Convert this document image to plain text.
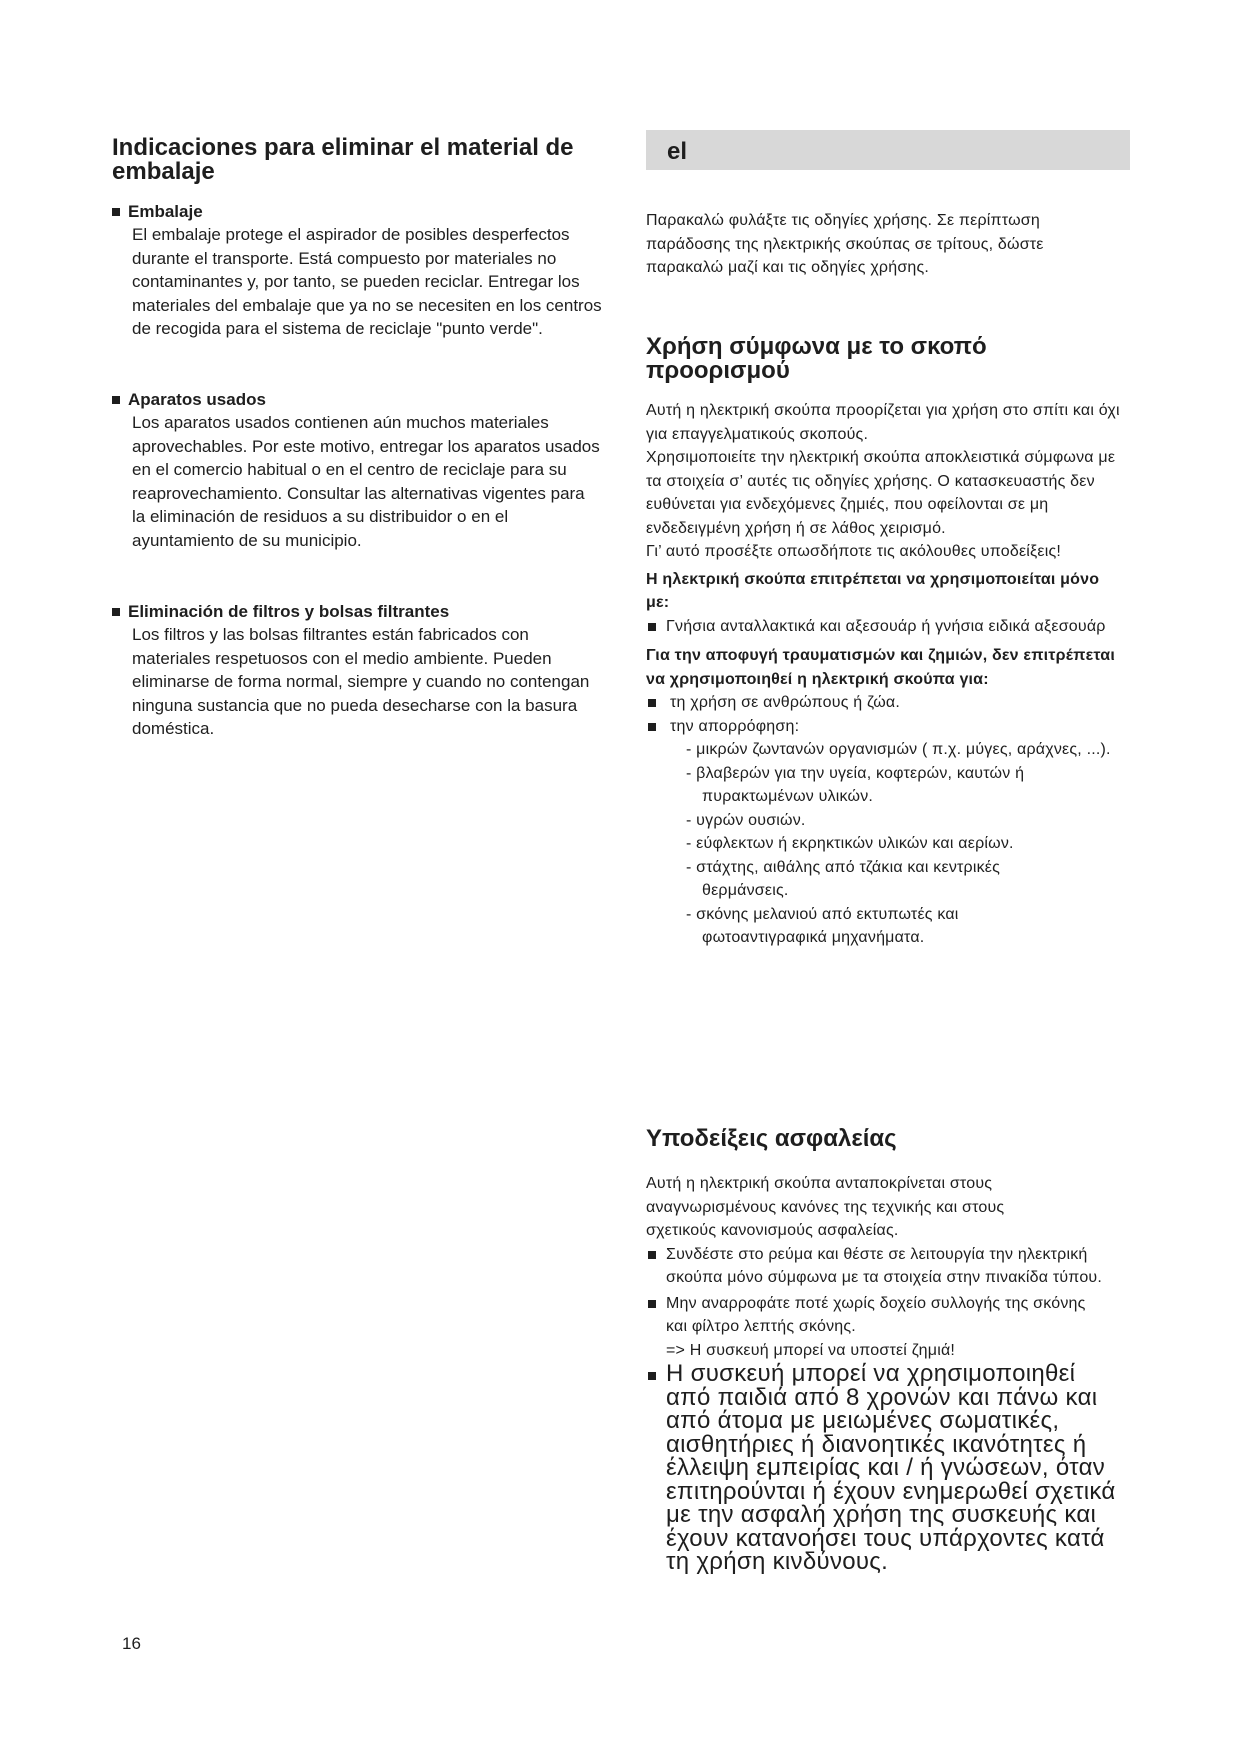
Indicaciones para eliminar el material de embalaje
Embalaje

El embalaje protege el aspirador de posibles desperfectos durante el transporte. Está compuesto por materiales no contaminantes y, por tanto, se pueden reciclar. Entregar los materiales del embalaje que ya no se necesiten en los centros de recogida para el sistema de reciclaje "punto verde".

Aparatos usados

Los aparatos usados contienen aún muchos materiales aprovechables. Por este motivo, entregar los aparatos usados en el comercio habitual o en el centro de reciclaje para su reaprovechamiento. Consultar las alternativas vigentes para la eliminación de residuos a su distribuidor o en el ayuntamiento de su municipio.

Eliminación de filtros y bolsas filtrantes

Los filtros y las bolsas filtrantes están fabricados con materiales respetuosos con el medio ambiente. Pueden eliminarse de forma normal, siempre y cuando no contengan ninguna sustancia que no pueda desecharse con la basura doméstica.

el

Παρακαλώ φυλάξτε τις οδηγίες χρήσης. Σε περίπτωση παράδοσης της ηλεκτρικής σκούπας σε τρίτους, δώστε παρακαλώ μαζί και τις οδηγίες χρήσης.

Χρήση σύμφωνα με το σκοπό προορισμού

Αυτή η ηλεκτρική σκούπα προορίζεται για χρήση στο σπίτι και όχι για επαγγελματικούς σκοπούς.

Χρησιμοποιείτε την ηλεκτρική σκούπα αποκλειστικά σύμφωνα με τα στοιχεία σ’ αυτές τις οδηγίες χρήσης. Ο κατασκευαστής δεν ευθύνεται για ενδεχόμενες ζημιές, που οφείλονται σε μη ενδεδειγμένη χρήση ή σε λάθος χειρισμό.

Γι’ αυτό προσέξτε οπωσδήποτε τις ακόλουθες υποδείξεις!

Η ηλεκτρική σκούπα επιτρέπεται να χρησιμοποιείται μόνο με:

Γνήσια ανταλλακτικά και αξεσουάρ ή γνήσια ειδικά αξεσουάρ

Για την αποφυγή τραυματισμών και ζημιών, δεν επιτρέπεται να χρησιμοποιηθεί η ηλεκτρική σκούπα για:

τη χρήση σε ανθρώπους ή ζώα.
την απορρόφηση:

- μικρών ζωντανών οργανισμών ( π.χ. μύγες, αράχνες, ...).

- βλαβερών για την υγεία, κοφτερών, καυτών ή πυρακτωμένων υλικών.

- υγρών ουσιών.

- εύφλεκτων ή εκρηκτικών υλικών και αερίων.

- στάχτης, αιθάλης από τζάκια και κεντρικές θερμάνσεις.

- σκόνης μελανιού από εκτυπωτές και φωτοαντιγραφικά μηχανήματα.

Υποδείξεις ασφαλείας

Αυτή η ηλεκτρική σκούπα ανταποκρίνεται στους αναγνωρισμένους κανόνες της τεχνικής και στους σχετικούς κανονισμούς ασφαλείας.

Συνδέστε στο ρεύμα και θέστε σε λειτουργία την ηλεκτρική σκούπα μόνο σύμφωνα με τα στοιχεία στην πινακίδα τύπου.
Μην αναρροφάτε ποτέ χωρίς δοχείο συλλογής της σκόνης και φίλτρο λεπτής σκόνης.

=> Η συσκευή μπορεί να υποστεί ζημιά!

Η συσκευή μπορεί να χρησιμοποιηθεί από παιδιά από 8 χρονών και πάνω και από άτομα με μειωμένες σωματικές, αισθητήριες ή διανοητικές ικανότητες ή έλλειψη εμπειρίας και / ή γνώσεων, όταν επιτηρούνται ή έχουν ενημερωθεί σχετικά με την ασφαλή χρήση της συσκευής και έχουν κατανοήσει τους υπάρχοντες κατά τη χρήση κινδύνους.
16
